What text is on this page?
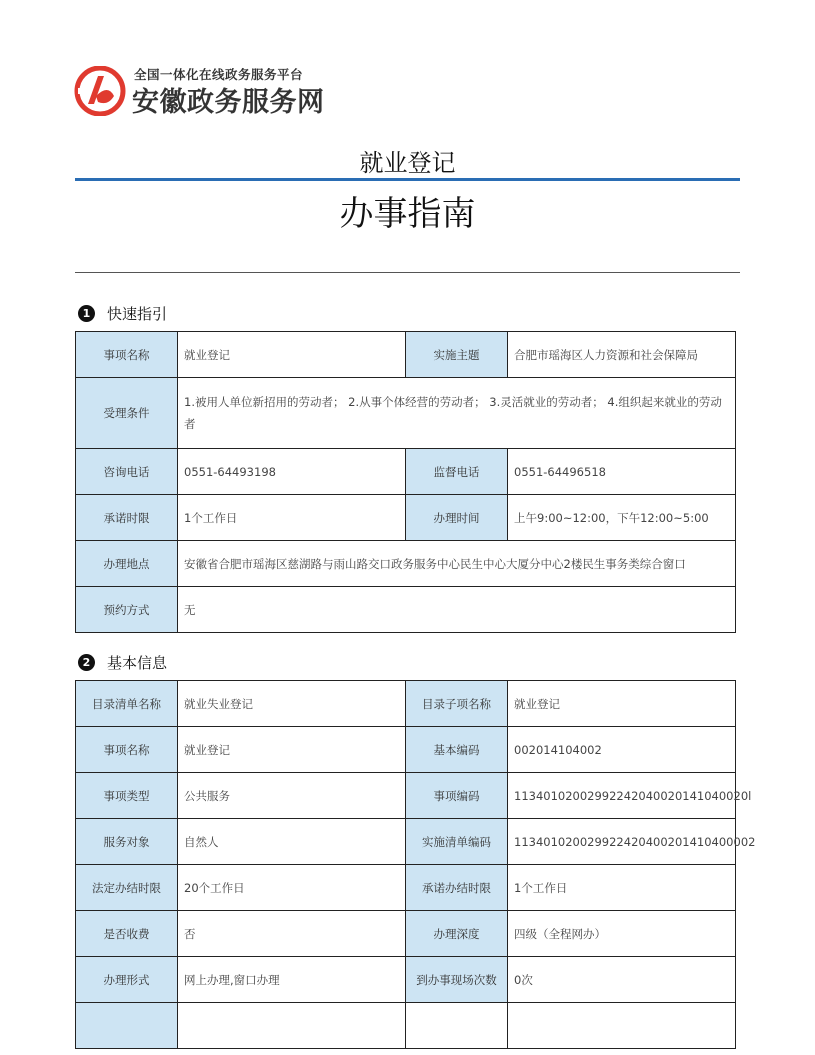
全国一体化在线政务服务平台
安徽政务服务网
就业登记
办事指南
1	快速指引
事项名称	就业登记	实施主题	合肥市瑶海区人力资源和社会保障局
受理条件	1.被用人单位新招用的劳动者； 2.从事个体经营的劳动者； 3.灵活就业的劳动者； 4.组织起来就业的劳动者		
咨询电话	0551-64493198	监督电话	0551-64496518
承诺时限	1个工作日	办理时间	上午9:00~12:00，下午12:00~5:00
办理地点	安徽省合肥市瑶海区慈湖路与雨山路交口政务服务中心民生中心大厦分中心2楼民生事务类综合窗口		
预约方式	无		
2	基本信息
目录清单名称	就业失业登记	目录子项名称	就业登记
事项名称	就业登记	基本编码	002014104002
事项类型	公共服务	事项编码	11340102002992242040020141040020l
服务对象	自然人	实施清单编码	113401020029922420400201410400002
法定办结时限	20个工作日	承诺办结时限	1个工作日
是否收费	否	办理深度	四级（全程网办）
办理形式	网上办理,窗口办理	到办事现场次数	0次
